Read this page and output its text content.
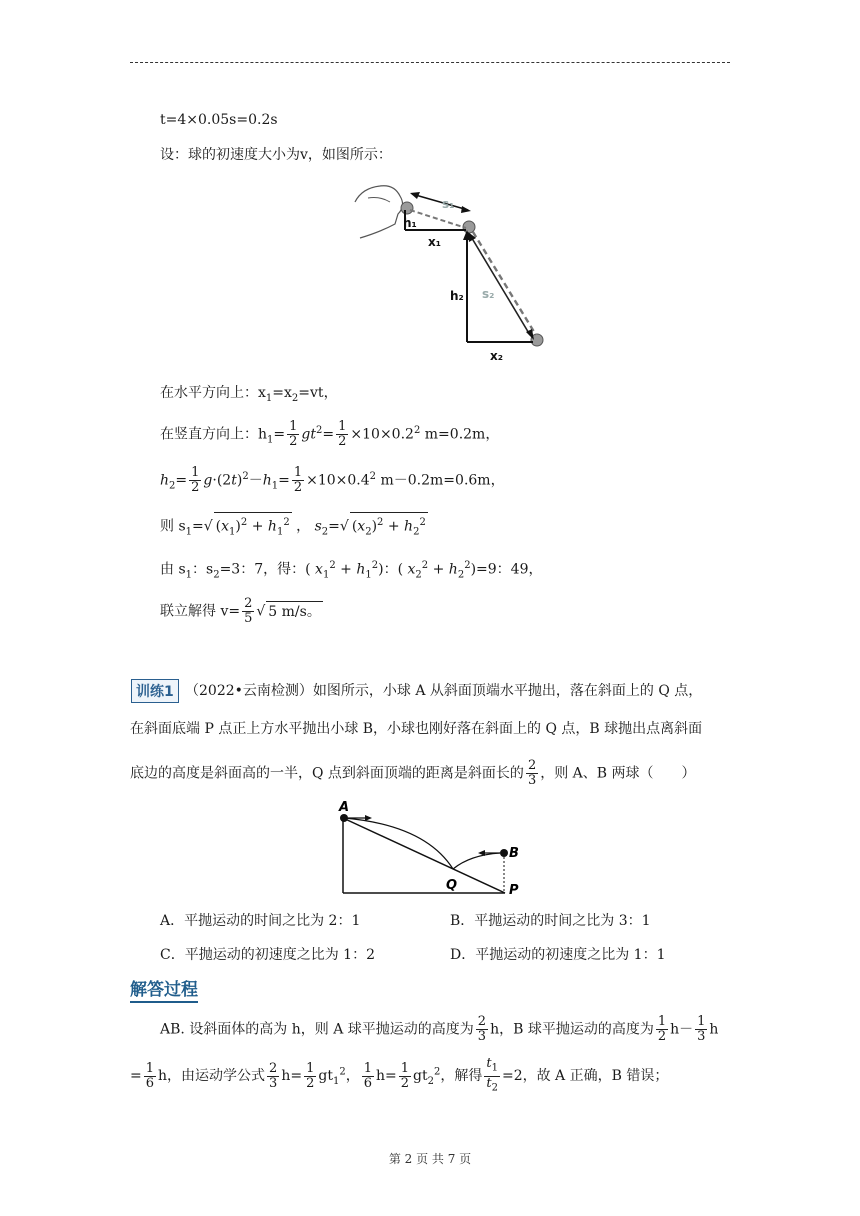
t=4×0.05s=0.2s
设：球的初速度大小为v，如图所示：
s₁
h₁
x₁
h₂ s₂
x₂
在水平方向上：$x_1=x_2=vt$，
在竖直方向上：$h_1= \frac{1}{2} gt^2= \frac{1}{2} \times 10\times 0.2^2$ m=0.2m，
$h_2= \frac{1}{2} g\cdot(2t)^2-h_1= \frac{1}{2} \times 10\times 0.4^2$ m－0.2m=0.6m，
则 $s_1=√$ $(x_1)^2 + h_1^2$ ， $s_2=√$ $(x_2)^2 + h_2^2$
由 $s_1$：$s_2=3$：7，得：( $x_1^2 + h_1^2$)：( $x_2^2 + h_2^2)=9$：49，
联立解得 $v= \frac{2}{5}$ √ 5 m/s。
训练1 （2022•云南检测）如图所示，小球 A 从斜面顶端水平抛出，落在斜面上的 Q 点，
在斜面底端 P 点正上方水平抛出小球 B，小球也刚好落在斜面上的 Q 点，B 球抛出点离斜面
底边的高度是斜面高的一半，Q 点到斜面顶端的距离是斜面长的 $\frac{2}{3}$ ，则 A、B 两球（　　）
A
B
Q	P
A．平抛运动的时间之比为 2：1	B．平抛运动的时间之比为 3：1
C．平抛运动的初速度之比为 1：2	D．平抛运动的初速度之比为 1：1
解答过程
AB. 设斜面体的高为 h，则 A 球平抛运动的高度为 $\frac{2}{3}$ h，B 球平抛运动的高度为 $\frac{1}{2} h- \frac{1}{3}$ h
= $\frac{1}{6}$ h，由运动学公式 $\frac{2}{3} h= \frac{1}{2} gt_1^2$， $\frac{1}{6} h= \frac{1}{2} gt_2^2$，解得 $\frac{t_1}{t_2} =2$，故 A 正确，B 错误；
第 2 页 共 7 页
